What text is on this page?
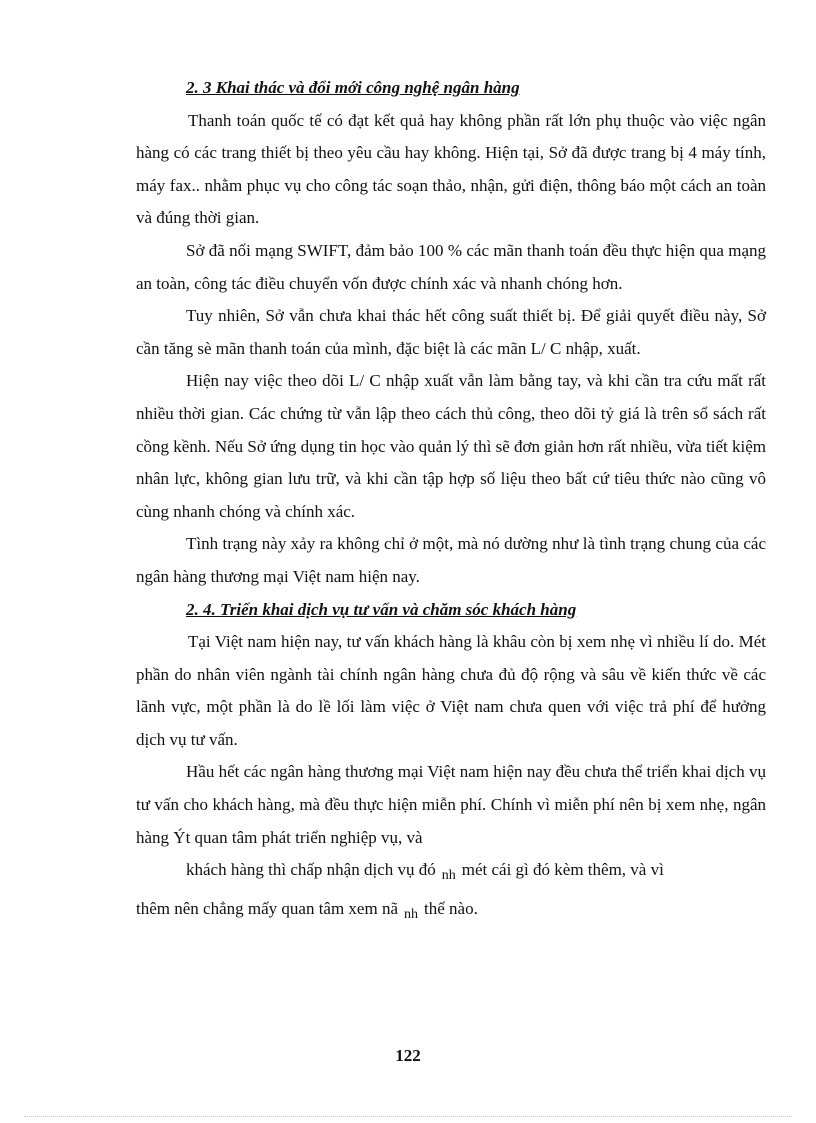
2. 3 Khai thác và đổi mới công nghệ ngân hàng

Thanh toán quốc tế có đạt kết quả hay không phần rất lớn phụ thuộc vào việc ngân hàng có các trang thiết bị theo yêu cầu hay không. Hiện tại, Sở đã được trang bị 4 máy tính, máy fax.. nhằm phục vụ cho công tác soạn thảo, nhận, gửi điện, thông báo một cách an toàn và đúng thời gian.

Sở đã nối mạng SWIFT, đảm bảo 100 % các mãn thanh toán đều thực hiện qua mạng an toàn, công tác điều chuyển vốn được chính xác và nhanh chóng hơn.

Tuy nhiên, Sở vẫn chưa khai thác hết công suất thiết bị. Để giải quyết điều này, Sở cần tăng sè mãn thanh toán của mình, đặc biệt là các mãn L/ C nhập, xuất.

Hiện nay việc theo dõi L/ C nhập xuất vẫn làm bằng tay, và khi cần tra cứu mất rất nhiều thời gian. Các chứng từ vẫn lập theo cách thủ công, theo dõi tỷ giá là trên sổ sách rất cồng kềnh. Nếu Sở ứng dụng tin học vào quản lý thì sẽ đơn giản hơn rất nhiều, vừa tiết kiệm nhân lực, không gian lưu trữ, và khi cần tập hợp số liệu theo bất cứ tiêu thức nào cũng vô cùng nhanh chóng và chính xác.

Tình trạng này xảy ra không chỉ ở một, mà nó dường như là tình trạng chung của các ngân hàng thương mại Việt nam hiện nay.

2. 4. Triển khai dịch vụ tư vấn và chăm sóc khách hàng

Tại Việt nam hiện nay, tư vấn khách hàng là khâu còn bị xem nhẹ vì nhiều lí do. Mét phần do nhân viên ngành tài chính ngân hàng chưa đủ độ rộng và sâu về kiến thức về các lãnh vực, một phần là do lề lối làm việc ở Việt nam chưa quen với việc trả phí để hưởng dịch vụ tư vấn.

Hầu hết các ngân hàng thương mại Việt nam hiện nay đều chưa thể triển khai dịch vụ tư vấn cho khách hàng, mà đều thực hiện miễn phí. Chính vì miễn phí nên bị xem nhẹ, ngân hàng Ýt quan tâm phát triển nghiệp vụ, và

khách hàng thì chấp nhận dịch vụ đó $_{nh}$ mét cái gì đó kèm thêm, và vì

thêm nên chẳng mấy quan tâm xem nã $_{nh}$ thế nào.

122
